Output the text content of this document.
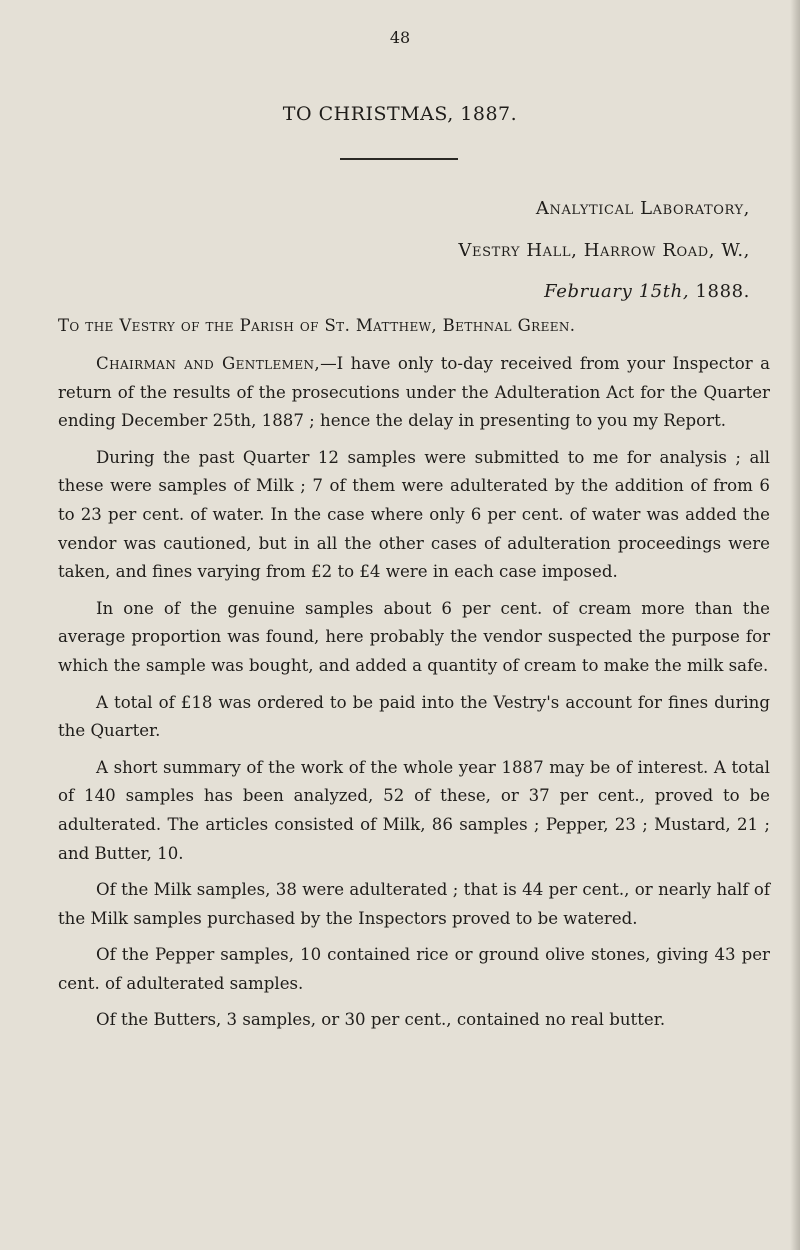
48
TO CHRISTMAS, 1887.
Analytical Laboratory,
Vestry Hall, Harrow Road, W.,
February 15th, 1888.
To the Vestry of the Parish of St. Matthew, Bethnal Green.

Chairman and Gentlemen,—I have only to-day received from your Inspector a return of the results of the prosecutions under the Adulteration Act for the Quarter ending December 25th, 1887 ; hence the delay in presenting to you my Report.

During the past Quarter 12 samples were submitted to me for analysis ; all these were samples of Milk ; 7 of them were adulterated by the addition of from 6 to 23 per cent. of water. In the case where only 6 per cent. of water was added the vendor was cautioned, but in all the other cases of adulteration proceedings were taken, and fines varying from £2 to £4 were in each case imposed.

In one of the genuine samples about 6 per cent. of cream more than the average proportion was found, here probably the vendor suspected the purpose for which the sample was bought, and added a quantity of cream to make the milk safe.

A total of £18 was ordered to be paid into the Vestry's account for fines during the Quarter.

A short summary of the work of the whole year 1887 may be of interest. A total of 140 samples has been analyzed, 52 of these, or 37 per cent., proved to be adulterated. The articles consisted of Milk, 86 samples ; Pepper, 23 ; Mustard, 21 ; and Butter, 10.

Of the Milk samples, 38 were adulterated ; that is 44 per cent., or nearly half of the Milk samples purchased by the Inspectors proved to be watered.

Of the Pepper samples, 10 contained rice or ground olive stones, giving 43 per cent. of adulterated samples.

Of the Butters, 3 samples, or 30 per cent., contained no real butter.
